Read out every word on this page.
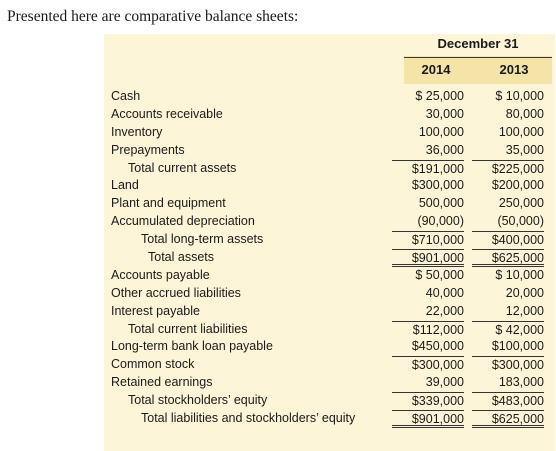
Presented here are comparative balance sheets:
December 31
2014	2013
Cash	$ 25,000	$ 10,000
Accounts receivable	30,000	80,000
Inventory	100,000	100,000
Prepayments	36,000	35,000
Total current assets	$191,000	$225,000
Land	$300,000	$200,000
Plant and equipment	500,000	250,000
Accumulated depreciation	(90,000)	(50,000)
Total long-term assets	$710,000	$400,000
Total assets	$901,000	$625,000
Accounts payable	$ 50,000	$ 10,000
Other accrued liabilities	40,000	20,000
Interest payable	22,000	12,000
Total current liabilities	$112,000	$ 42,000
Long-term bank loan payable	$450,000	$100,000
Common stock	$300,000	$300,000
Retained earnings	39,000	183,000
Total stockholders’ equity	$339,000	$483,000
Total liabilities and stockholders’ equity	$901,000	$625,000
